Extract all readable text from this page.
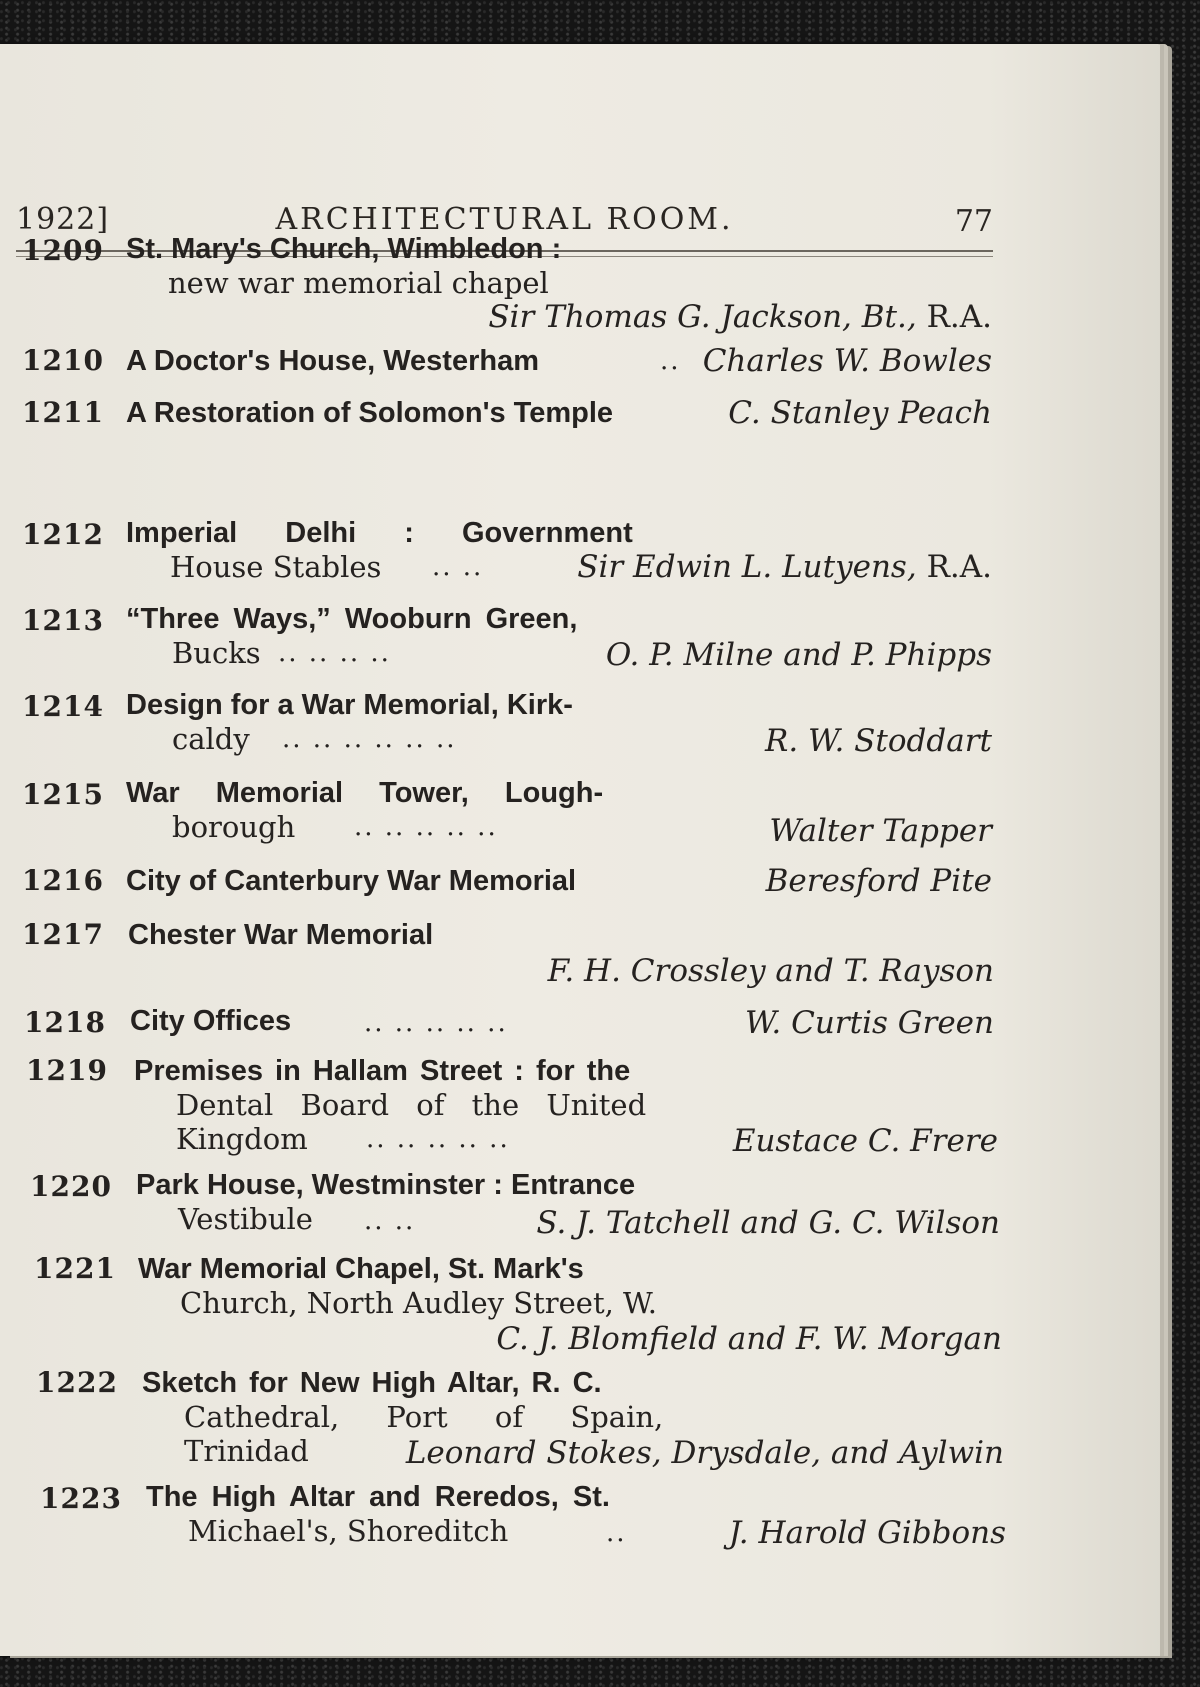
1922]	ARCHITECTURAL ROOM.	77
1209 St. Mary's Church, Wimbledon :
new war memorial chapel
Sir Thomas G. Jackson, Bt., R.A.
1210 A Doctor's House, Westerham	.. Charles W. Bowles
1211 A Restoration of Solomon's Temple	C. Stanley Peach
1212 Imperial Delhi : Government
House Stables .. ..	Sir Edwin L. Lutyens, R.A.
1213 “Three Ways,” Wooburn Green,
Bucks .. .. .. ..	O. P. Milne and P. Phipps
1214 Design for a War Memorial, Kirk-
caldy .. .. .. .. .. ..	R. W. Stoddart
1215 War Memorial Tower, Lough-
borough .. .. .. .. ..	Walter Tapper
1216 City of Canterbury War Memorial	Beresford Pite
1217 Chester War Memorial
F. H. Crossley and T. Rayson
1218 City Offices	.. .. .. .. ..	W. Curtis Green
1219 Premises in Hallam Street : for the
Dental Board of the United
Kingdom .. .. .. .. ..	Eustace C. Frere
1220 Park House, Westminster : Entrance
Vestibule .. ..	S. J. Tatchell and G. C. Wilson
1221 War Memorial Chapel, St. Mark's
Church, North Audley Street, W.
C. J. Blomfield and F. W. Morgan
1222 Sketch for New High Altar, R. C.
Cathedral, Port of Spain,
Trinidad	Leonard Stokes, Drysdale, and Aylwin
1223 The High Altar and Reredos, St.
Michael's, Shoreditch	..	J. Harold Gibbons
